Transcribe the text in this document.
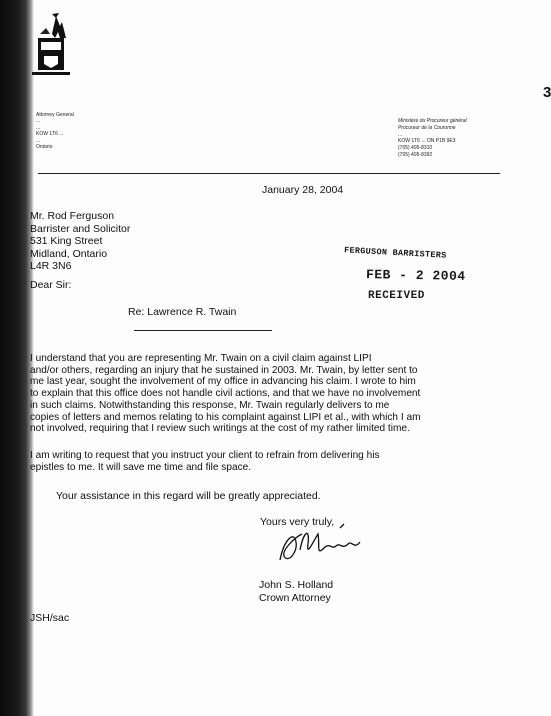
Attorney General
...
...
KOW 1T6 ...
...
Ontario
Ministère du Procureur général
Procureur de la Couronne
...
KOW 1T6 ... ON P1B 9E3
(705) 495-8310
(705) 495-8392
3
January 28, 2004
Mr. Rod Ferguson
Barrister and Solicitor
531 King Street
Midland, Ontario
L4R 3N6
FERGUSON BARRISTERS
FEB - 2 2004
RECEIVED
Dear Sir:
Re: Lawrence R. Twain
I understand that you are representing Mr. Twain on a civil claim against LIPI
and/or others, regarding an injury that he sustained in 2003. Mr. Twain, by letter sent to
me last year, sought the involvement of my office in advancing his claim. I wrote to him
to explain that this office does not handle civil actions, and that we have no involvement
in such claims. Notwithstanding this response, Mr. Twain regularly delivers to me
copies of letters and memos relating to his complaint against LIPI et al., with which I am
not involved, requiring that I review such writings at the cost of my rather limited time.
I am writing to request that you instruct your client to refrain from delivering his
epistles to me. It will save me time and file space.
Your assistance in this regard will be greatly appreciated.
Yours very truly,
John S. Holland
Crown Attorney
JSH/sac
